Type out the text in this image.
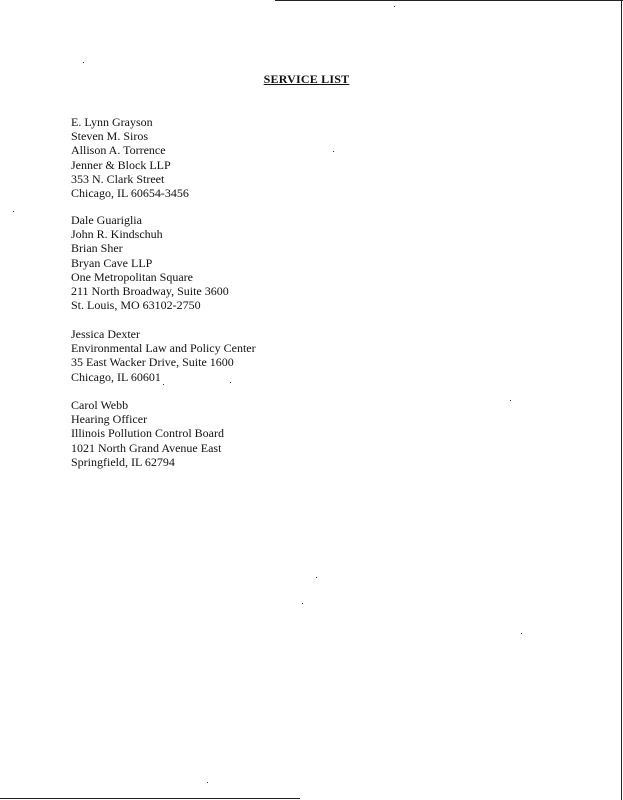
SERVICE LIST
E. Lynn Grayson
Steven M. Siros
Allison A. Torrence
Jenner & Block LLP
353 N. Clark Street
Chicago, IL 60654-3456
Dale Guariglia
John R. Kindschuh
Brian Sher
Bryan Cave LLP
One Metropolitan Square
211 North Broadway, Suite 3600
St. Louis, MO 63102-2750
Jessica Dexter
Environmental Law and Policy Center
35 East Wacker Drive, Suite 1600
Chicago, IL 60601
Carol Webb
Hearing Officer
Illinois Pollution Control Board
1021 North Grand Avenue East
Springfield, IL 62794
